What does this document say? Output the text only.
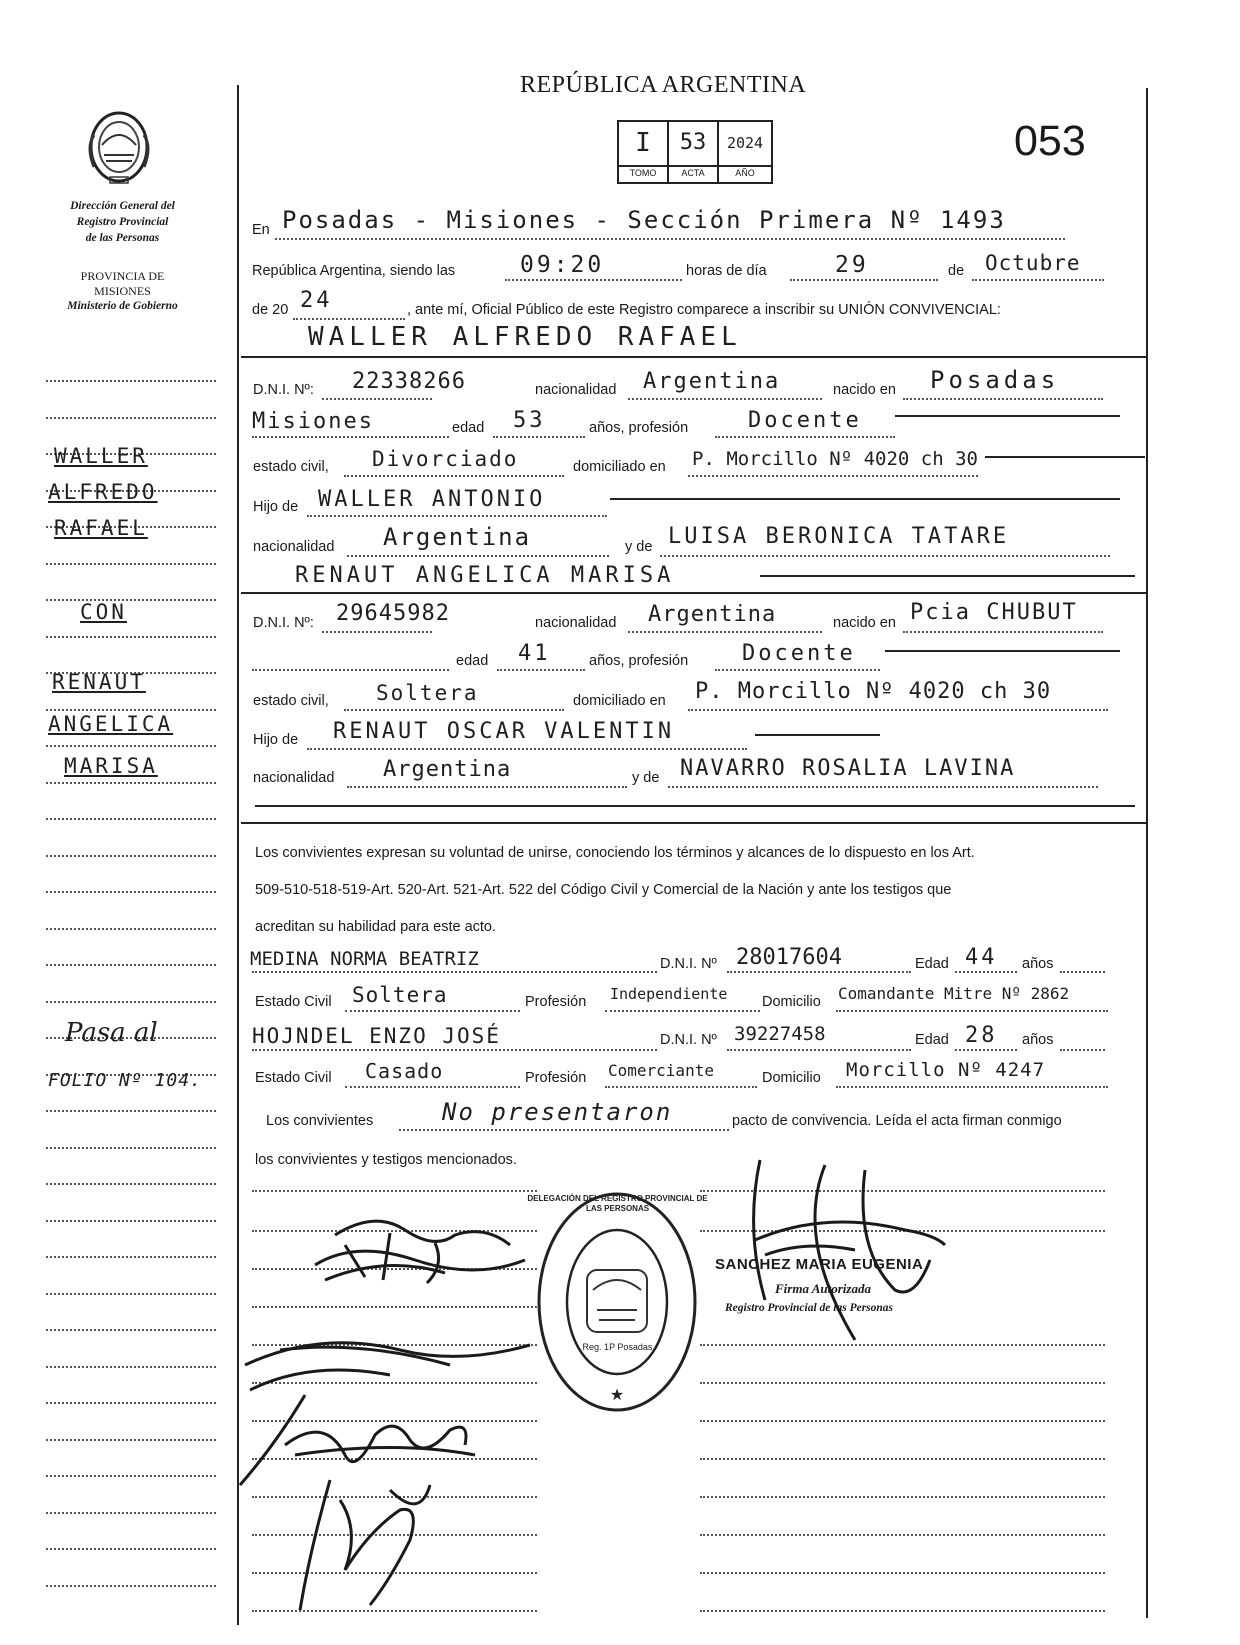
Dirección General del
Registro Provincial
de las Personas
PROVINCIA DE
MISIONES
Ministerio de Gobierno
WALLER
ALFREDO
RAFAEL
CON
RENAUT
ANGELICA
MARISA
Pasa al
FOLIO Nº 104.
REPÚBLICA ARGENTINA
053
I	53	2024
TOMO	ACTA	AÑO
En Posadas - Misiones - Sección Primera Nº 1493
República Argentina, siendo las	09:20	horas de día	29	de Octubre
de 20 24	, ante mí, Oficial Público de este Registro comparece a inscribir su UNIÓN CONVIVENCIAL:
WALLER ALFREDO RAFAEL
D.N.I. Nº: 22338266	nacionalidad Argentina	nacido en Posadas
Misiones	edad 53	años, profesión	Docente
estado civil, Divorciado	domiciliado en P. Morcillo Nº 4020 ch 30
Hijo de WALLER ANTONIO
nacionalidad Argentina	y de LUISA BERONICA TATARE
RENAUT ANGELICA MARISA
D.N.I. Nº: 29645982	nacionalidad Argentina	nacido en Pcia CHUBUT
edad 41	años, profesión Docente
estado civil, Soltera	domiciliado en P. Morcillo Nº 4020 ch 30
Hijo de RENAUT OSCAR VALENTIN
nacionalidad Argentina	y de NAVARRO ROSALIA LAVINA
Los convivientes expresan su voluntad de unirse, conociendo los términos y alcances de lo dispuesto en los Art.
509-510-518-519-Art. 520-Art. 521-Art. 522 del Código Civil y Comercial de la Nación y ante los testigos que
acreditan su habilidad para este acto.
MEDINA NORMA BEATRIZ	D.N.I. Nº 28017604	Edad 44 años
Estado Civil Soltera	Profesión Independiente Domicilio Comandante Mitre Nº 2862
HOJNDEL ENZO JOSÉ	D.N.I. Nº 39227458	Edad 28 años
Estado Civil Casado	Profesión Comerciante	Domicilio Morcillo Nº 4247
Los convivientes	No presentaron	pacto de convivencia. Leída el acta firman conmigo
los convivientes y testigos mencionados.
★
DELEGACIÓN DEL REGISTRO PROVINCIAL DE LAS PERSONAS
Reg. 1P Posadas
SANCHEZ MARIA EUGENIA
Firma Autorizada
Registro Provincial de las Personas
